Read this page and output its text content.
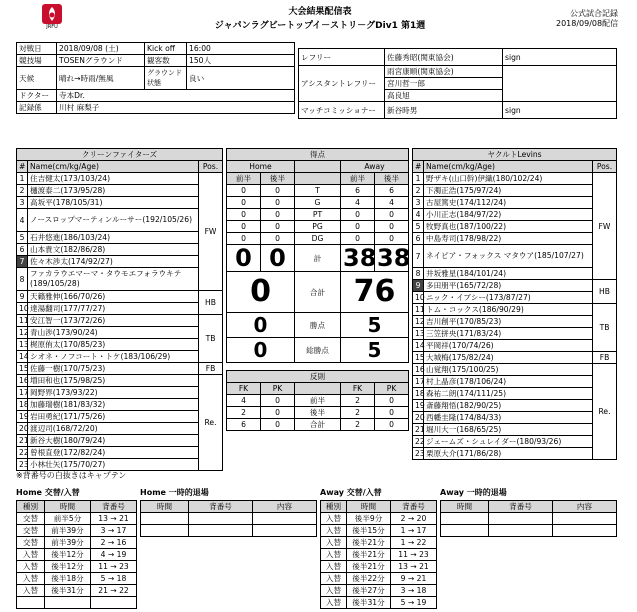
JRFU
大会結果配信表
ジャパンラグビートップイ－ストリ－グDiv1 第1週
公式試合記録
2018/09/08配信
対戦日	2018/09/08 (土)	Kick off	16:00
競技場	TOSENグラウンド	観客数	150人
天候	晴れ→時雨/無風	グラウンド状態	良い
ドクター	寺本Dr.		
記録係	川村 麻梨子		
レフリー	佐藤秀昭(関東協会)	sign
アシスタントレフリー	雨宮康順(関東協会)	
	宮川哲一郎	
	高良旭	
マッチコミッショナー	新谷時男	sign
クリーンファイターズ		
#	Name(cm/kg/Age)	Pos.
1	住吉健太(173/103/24)	FW
2	樋渡泰二(173/95/28)	
3	高坂平(178/105/31)	
4	ノースロップマーティンルーサー(192/105/26)	
5	石井悠進(186/103/24)	
6	山本貴文(182/86/28)	
7	佐々木渉太(174/92/27)	
8	ファカラウエマーマ・タウモエフォラウキテ(189/105/28)	
9	天籟雅伸(166/70/26)	HB
10	達湯翻司(177/77/27)	
11	安江智一(173/72/26)	TB
12	青山渉(173/90/24)	
13	梶原侑太(170/85/23)	
14	シオネ・ノフコート・トケ(183/106/29)	
15	佐藤一樹(170/75/23)	FB
16	増田和也(175/98/25)	Re.
17	岡野界(173/93/22)	
18	加藤瑞樹(181/83/32)	
19	岩田勇紀(171/75/26)	
20	渡辺司(168/72/20)	
21	新谷大樹(180/79/24)	
22	曾根直登(172/82/24)	
23	小林壮矢(175/70/27)	
※背番号の白抜きはキャプテン
ヤクルトLevins		
#	Name(cm/kg/Age)	Pos.
1	野ザキ(山口幹)伊織(180/102/24)	FW
2	下濁正浩(175/97/24)	
3	古屋篤史(174/112/24)	
4	小川正志(184/97/22)	
5	牧野真也(187/100/22)	
6	中島寿司(178/98/22)	
7	ネイピア・フォックス マタウア(185/107/27)	
8	井坂雅星(184/101/24)	
9	多田朋平(165/72/28)	HB
10	ニック・イブシー(173/87/27)	
11	トム・コックス(186/90/29)	TB
12	吉川創平(170/85/23)	
13	三笠拼央(171/83/24)	
14	平岡祥(170/74/26)	
15	大城梅(175/82/24)	FB
16	山覚翔(175/100/25)	Re.
17	村上晶彦(178/106/24)	
18	森祐二朗(174/111/25)	
19	斎藤翔悟(182/90/25)	
20	西幡圭隆(174/84/33)	
21	堀川大一(168/65/25)	
22	ジェームズ・シュレイダー(180/93/26)	
23	栗原大介(171/86/28)	
得点				
Home			Away	
前半	後半		前半	後半
0	0	T	6	6
0	0	G	4	4
0	0	PT	0	0
0	0	PG	0	0
0	0	DG	0	0
0	0	計	38	38
0		合計	76	
0		勝点	5	
0		総勝点	5	
反則				
FK	PK		FK	PK
4	0	前半	2	0
2	0	後半	2	0
6	0	合計	2	0
Home 交替/入替	Home 一時的退場	Away 交替/入替	Away 一時的退場
種別	時間	背番号
交替	前半5分	13 → 21
交替	前半39分	3 → 17
交替	前半39分	2 → 16
入替	後半12分	4 → 19
入替	後半12分	11 → 23
入替	後半18分	5 → 18
入替	後半31分	21 → 22

時間	背番号	内容

			種別	時間	背番号
入替	後半9分	2 → 20
入替	後半15分	1 → 17
入替	後半21分	1 → 22
入替	後半21分	11 → 23
入替	後半21分	13 → 21
入替	後半22分	9 → 21
入替	後半27分	3 → 18
入替	後半31分	5 → 19
時間	背番号	内容
